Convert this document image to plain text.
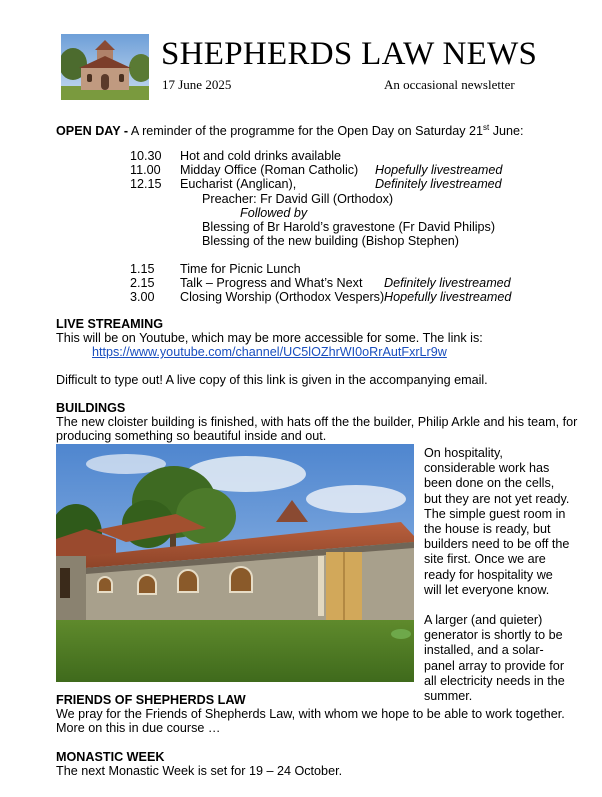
SHEPHERDS LAW NEWS
17 June 2025	An occasional newsletter
OPEN DAY - A reminder of the programme for the Open Day on Saturday 21st June:
10.30 Hot and cold drinks available
11.00 Midday Office (Roman Catholic) Hopefully livestreamed
12.15 Eucharist (Anglican),	Definitely livestreamed
Preacher: Fr David Gill (Orthodox)
Followed by
Blessing of Br Harold’s gravestone (Fr David Philips)
Blessing of the new building (Bishop Stephen)
1.15 Time for Picnic Lunch
2.15 Talk – Progress and What’s Next Definitely livestreamed
3.00 Closing Worship (Orthodox Vespers) Hopefully livestreamed
LIVE STREAMING
This will be on Youtube, which may be more accessible for some. The link is:
https://www.youtube.com/channel/UC5lOZhrWI0oRrAutFxrLr9w
Difficult to type out! A live copy of this link is given in the accompanying email.
BUILDINGS
The new cloister building is finished, with hats off the the builder, Philip Arkle and his team, for
producing something so beautiful inside and out.

On hospitality, considerable work has been done on the cells, but they are not yet ready. The simple guest room in the house is ready, but builders need to be off the site first. Once we are ready for hospitality we will let everyone know.

A larger (and quieter) generator is shortly to be installed, and a solar-panel array to provide for all electricity needs in the summer.

FRIENDS OF SHEPHERDS LAW
We pray for the Friends of Shepherds Law, with whom we hope to be able to work together.
More on this in due course …
MONASTIC WEEK
The next Monastic Week is set for 19 – 24 October.
